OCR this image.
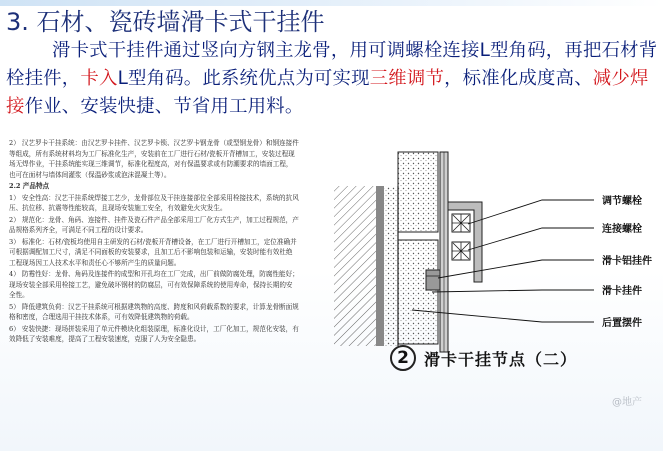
3. 石材、瓷砖墙滑卡式干挂件

滑卡式干挂件通过竖向方钢主龙骨，用可调螺栓连接L型角码，再把石材背栓挂件，卡入L型角码。此系统优点为可实现三维调节，标准化成度高、减少焊接作业、安装快捷、节省用工用料。

2） 汉艺罗卡干挂系统：由汉艺罗卡挂件、汉艺罗卡锁、汉艺罗卡钢龙骨（或型钢龙骨）和钢连接件等组成，所有系统材料均为工厂标准化生产，安装前在工厂进行石材/瓷板开背槽加工，安装过程现场无焊作业，干挂系统能实现三维调节，标准化程度高，对有保温要求或有防潮要求的墙面工程，也可在面材与墙体间灌浆（保温砂浆或泡沫混凝土等）。

2.2 产品特点

1） 安全性高：汉艺干挂系统焊接工艺少，龙骨部位及干挂连接部位全部采用栓接技术，系统的抗风压、抗位移、抗震等性能较高，且现场安装施工安全，有效避免火灾发生。

2） 规范化：龙骨、角码、连接件、挂件及瓷石件产品全部采用工厂化方式生产，加工过程规范，产品规格系列齐全，可满足不同工程的设计要求。

3） 标准化：石材/瓷板均使用自主研发的石材/瓷板开背槽设备，在工厂进行开槽加工，定位准确并可根据调配加工尺寸，满足不同面板的安装要求，且加工后不影响包装和运输，安装时能有效杜绝工程现场因工人技术水平和责任心不够所产生的质量问题。

4） 防霉性好：龙骨、角码及连接件的成型和开孔均在工厂完成，出厂前做防腐处理，防腐性能好；现场安装全部采用栓接工艺，避免破坏钢材的防腐层，可有效保障系统的使用寿命，保持长期的安全性。

5） 降低建筑负荷：汉艺干挂系统可根据建筑物的高度、跨度和风荷载系数的要求，计算龙骨断面规格和密度，合理选用干挂技术体系，可有效降低建筑物的荷载。

6） 安装快捷：现场拼装采用了单元件模块化组装原理，标准化设计，工厂化加工，规范化安装，有效降低了安装难度，提高了工程安装速度，克服了人为安全隐患。

调节螺栓
连接螺栓
滑卡铝挂件
滑卡挂件
后置摆件
2 滑卡干挂节点（二）
@地产
